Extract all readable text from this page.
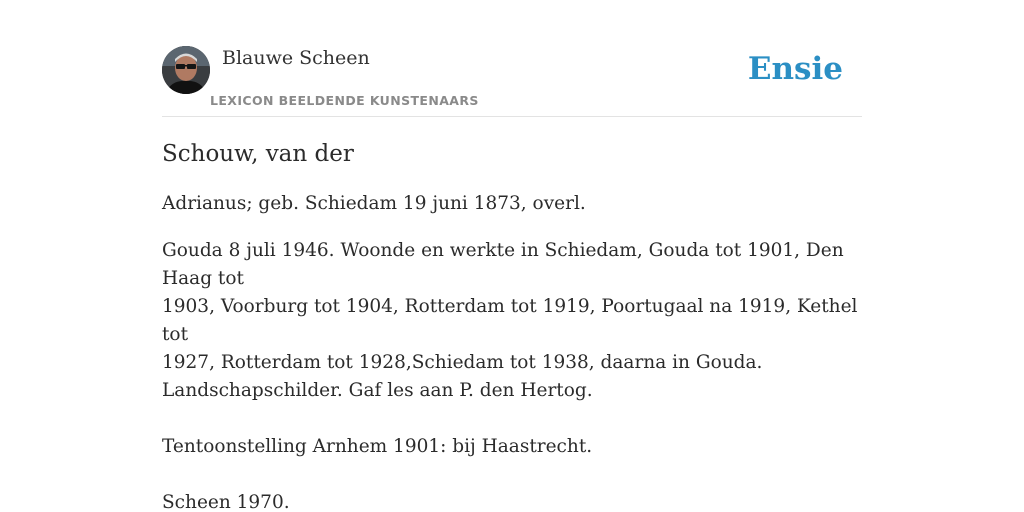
Blauwe Scheen
LEXICON BEELDENDE KUNSTENAARS
Ensie
Schouw, van der

Adrianus; geb. Schiedam 19 juni 1873, overl.

Gouda 8 juli 1946. Woonde en werkte in Schiedam, Gouda tot 1901, Den Haag tot
1903, Voorburg tot 1904, Rotterdam tot 1919, Poortugaal na 1919, Kethel tot
1927, Rotterdam tot 1928,Schiedam tot 1938, daarna in Gouda.
Landschapschilder. Gaf les aan P. den Hertog.

Tentoonstelling Arnhem 1901: bij Haastrecht.

Scheen 1970.
